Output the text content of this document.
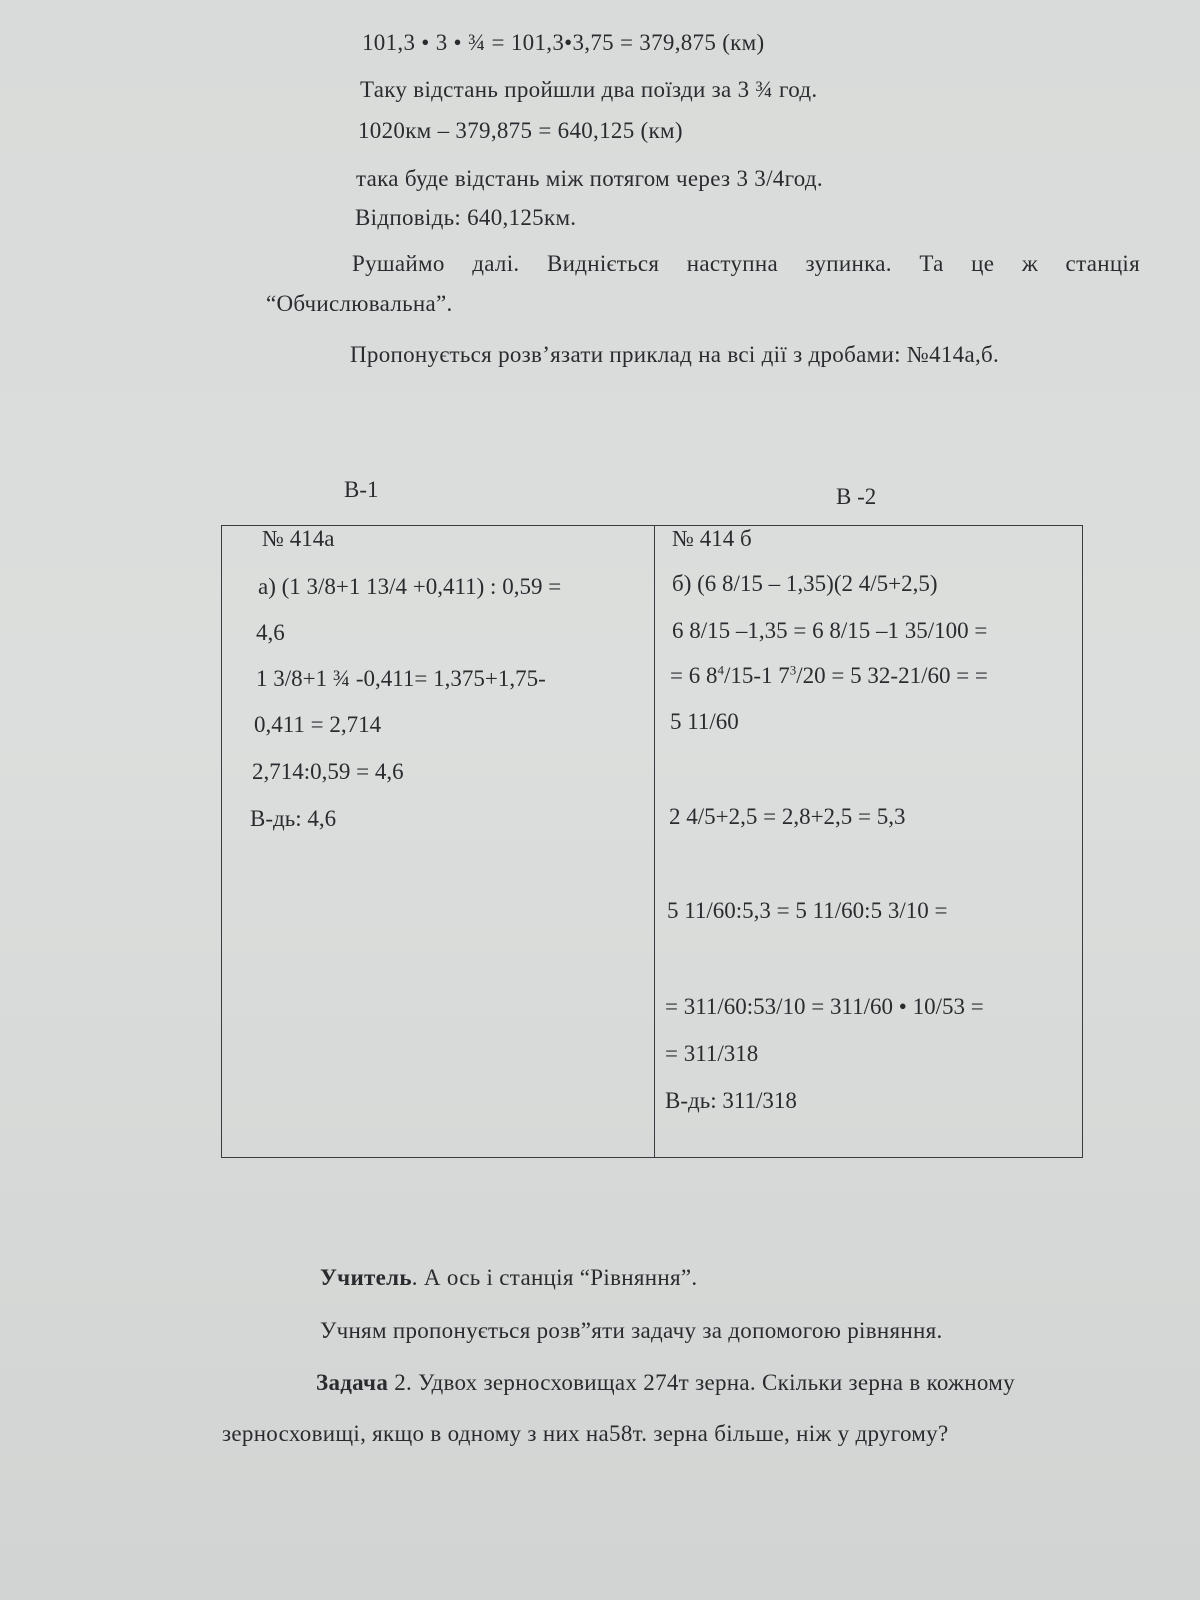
101,3 • 3 • ¾ = 101,3•3,75 = 379,875 (км)
Таку відстань пройшли два поїзди за 3 ¾ год.
1020км – 379,875 = 640,125 (км)
така буде відстань між потягом через 3 3/4год.
Відповідь: 640,125км.
Рушаймо далі. Видніється наступна зупинка. Та це ж станція
“Обчислювальна”.
Пропонується розв’язати приклад на всі дії з дробами: №414а,б.
В-1	В -2
№ 414а
а) (1 3/8+1 13/4 +0,411) : 0,59 =
4,6
1 3/8+1 ¾ -0,411= 1,375+1,75-
0,411 = 2,714
2,714:0,59 = 4,6
В-дь: 4,6
№ 414 б
б) (6 8/15 – 1,35)(2 4/5+2,5)
6 8/15 –1,35 = 6 8/15 –1 35/100 =
= 6 $8^4/15-1$ $7^3/20 = 5$ 32-21/60 = =
5 11/60
2 4/5+2,5 = 2,8+2,5 = 5,3
5 11/60:5,3 = 5 11/60:5 3/10 =
= 311/60:53/10 = 311/60 • 10/53 =
= 311/318
В-дь: 311/318
Учитель. А ось і станція “Рівняння”.
Учням пропонується розв”яти задачу за допомогою рівняння.
Задача 2. Удвох зерносховищах 274т зерна. Скільки зерна в кожному
зерносховищі, якщо в одному з них на58т. зерна більше, ніж у другому?
